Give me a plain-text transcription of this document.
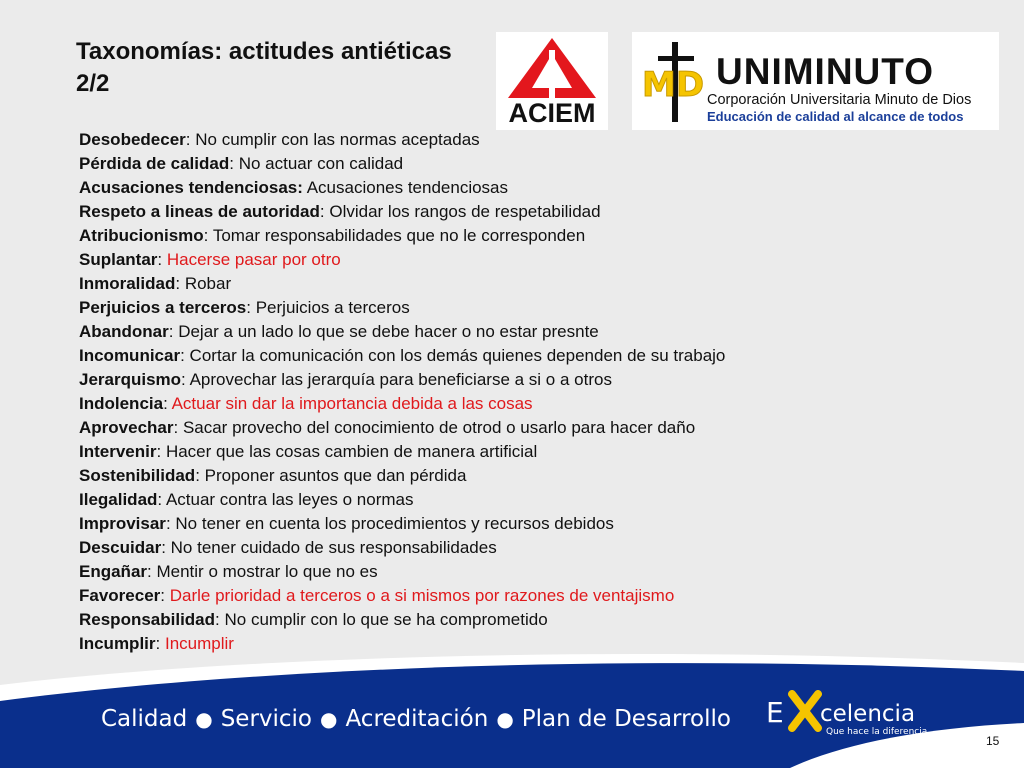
Taxonomías: actitudes antiéticas
2/2
ACIEM
MD UNIMINUTO
Corporación Universitaria Minuto de Dios
Educación de calidad al alcance de todos
Desobedecer: No cumplir con las normas aceptadas
Pérdida de calidad: No actuar con calidad
Acusaciones tendenciosas: Acusaciones tendenciosas
Respeto a lineas de autoridad: Olvidar los rangos de respetabilidad
Atribucionismo: Tomar responsabilidades que no le corresponden
Suplantar: Hacerse pasar por otro
Inmoralidad: Robar
Perjuicios a terceros: Perjuicios a terceros
Abandonar: Dejar a un lado lo que se debe hacer o no estar presnte
Incomunicar: Cortar la comunicación con los demás quienes dependen de su trabajo
Jerarquismo: Aprovechar las jerarquía para beneficiarse a si o a otros
Indolencia: Actuar sin dar la importancia debida a las cosas
Aprovechar: Sacar provecho del conocimiento de otrod o usarlo para hacer daño
Intervenir: Hacer que las cosas cambien de manera artificial
Sostenibilidad: Proponer asuntos que dan pérdida
Ilegalidad: Actuar contra las leyes o normas
Improvisar: No tener en cuenta los procedimientos y recursos debidos
Descuidar: No tener cuidado de sus responsabilidades
Engañar: Mentir o mostrar lo que no es
Favorecer: Darle prioridad a terceros o a si mismos por razones de ventajismo
Responsabilidad: No cumplir con lo que se ha comprometido
Incumplir: Incumplir
Calidad ● Servicio ● Acreditación ● Plan de Desarrollo E celencia
Que hace la diferencia
15
